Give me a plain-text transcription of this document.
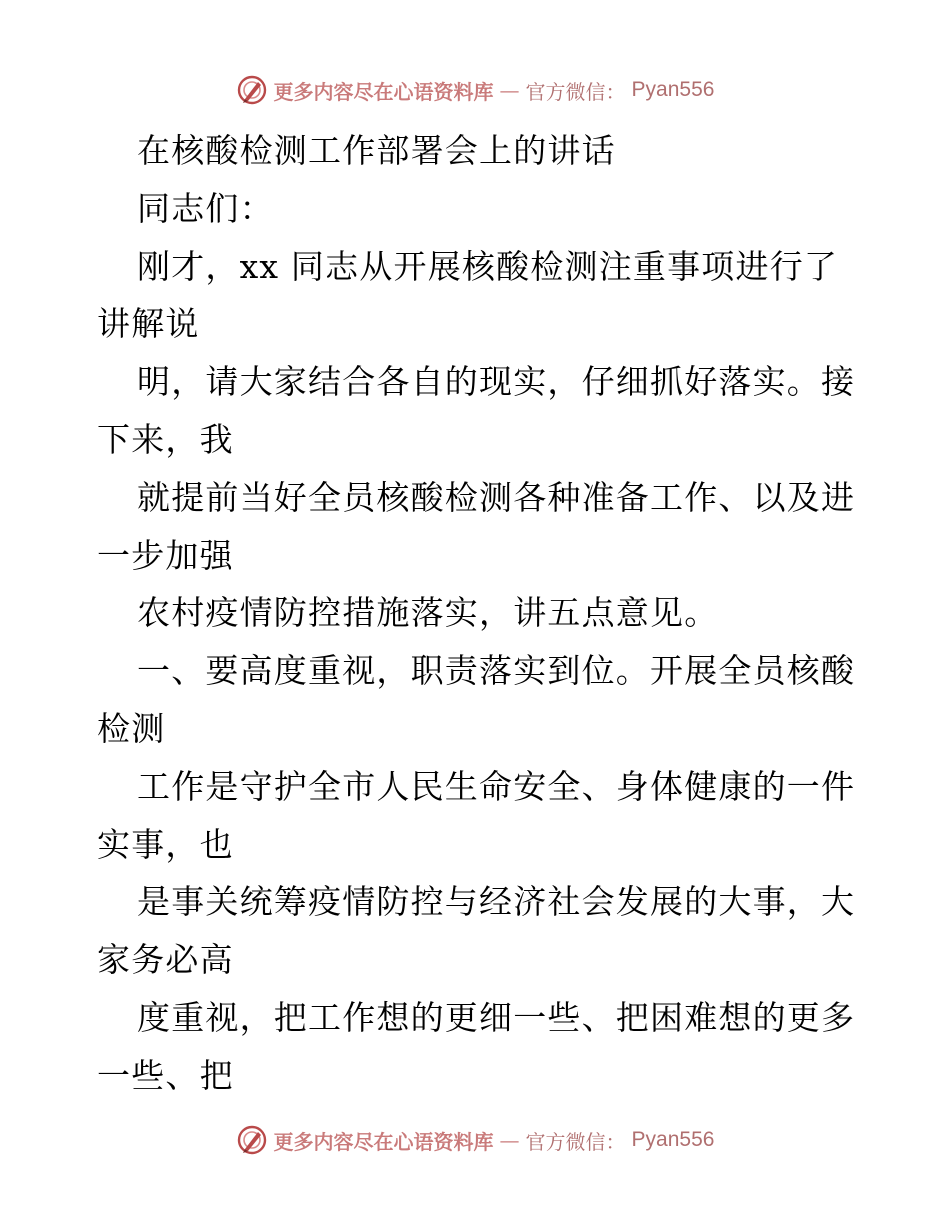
更多内容尽在心语资料库 — 官方微信： Pyan556
在核酸检测工作部署会上的讲话
同志们：
刚才，xx 同志从开展核酸检测注重事项进行了
讲解说
明，请大家结合各自的现实，仔细抓好落实。接
下来，我
就提前当好全员核酸检测各种准备工作、以及进
一步加强
农村疫情防控措施落实，讲五点意见。
一、要高度重视，职责落实到位。开展全员核酸
检测
工作是守护全市人民生命安全、身体健康的一件
实事，也
是事关统筹疫情防控与经济社会发展的大事，大
家务必高
度重视，把工作想的更细一些、把困难想的更多
一些、把
更多内容尽在心语资料库 — 官方微信： Pyan556
